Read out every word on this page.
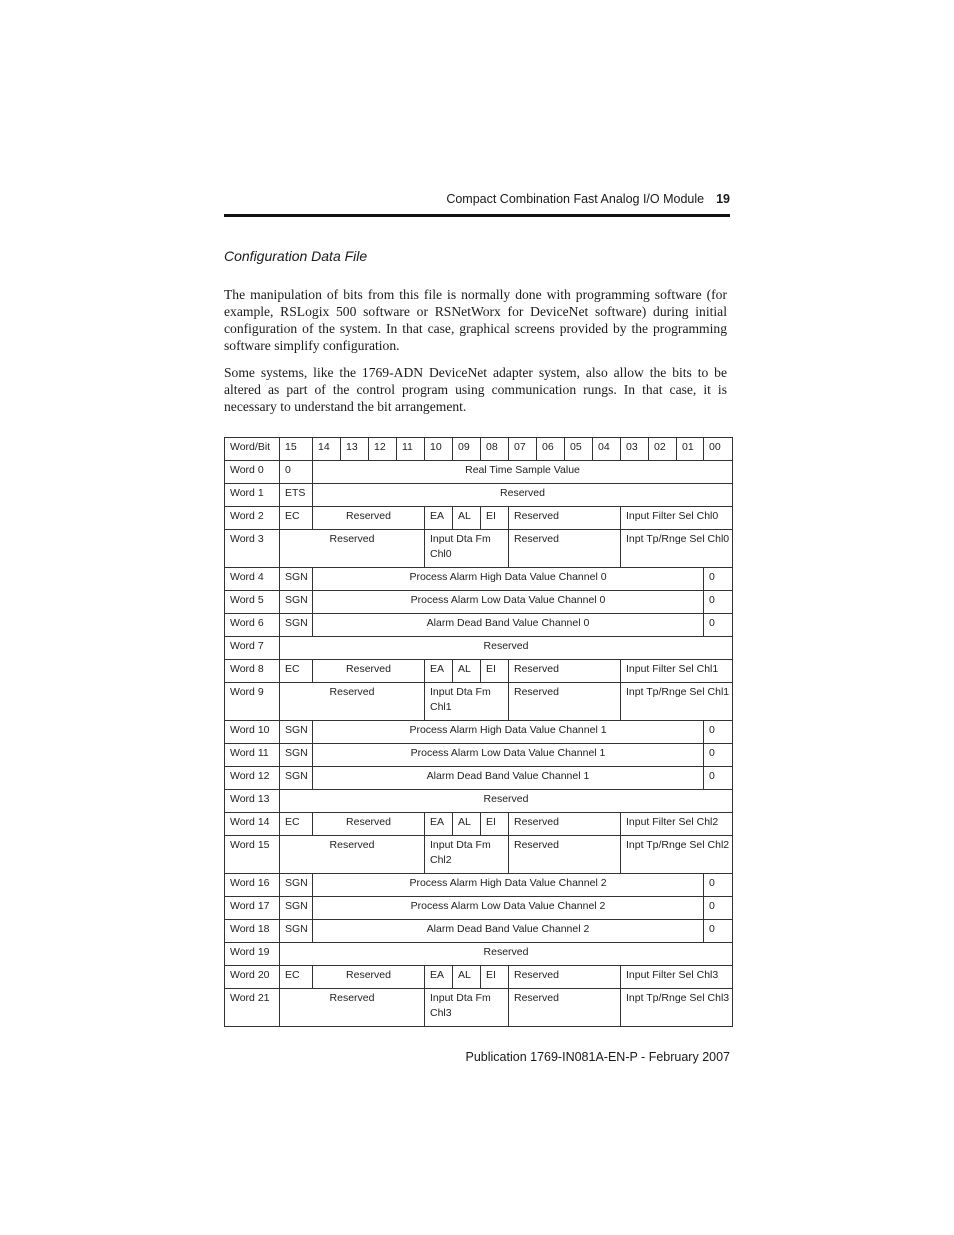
Compact Combination Fast Analog I/O Module 19
Configuration Data File

The manipulation of bits from this file is normally done with programming software (for example, RSLogix 500 software or RSNetWorx for DeviceNet software) during initial configuration of the system. In that case, graphical screens provided by the programming software simplify configuration.

Some systems, like the 1769-ADN DeviceNet adapter system, also allow the bits to be altered as part of the control program using communication rungs. In that case, it is necessary to understand the bit arrangement.

Word/Bit	15	14	13	12	11	10	09	08	07	06	05	04	03	02	01	00
Word 0	0	Real Time Sample Value														
Word 1	ETS	Reserved														
Word 2	EC	Reserved				EA	AL	EI	Reserved				Input Filter Sel Chl0			
Word 3	Reserved					Input Dta Fm Chl0			Reserved				Inpt Tp/Rnge Sel Chl0			
Word 4	SGN	Process Alarm High Data Value Channel 0														0
Word 5	SGN	Process Alarm Low Data Value Channel 0														0
Word 6	SGN	Alarm Dead Band Value Channel 0														0
Word 7	Reserved															
Word 8	EC	Reserved				EA	AL	EI	Reserved				Input Filter Sel Chl1			
Word 9	Reserved					Input Dta Fm Chl1			Reserved				Inpt Tp/Rnge Sel Chl1			
Word 10	SGN	Process Alarm High Data Value Channel 1														0
Word 11	SGN	Process Alarm Low Data Value Channel 1														0
Word 12	SGN	Alarm Dead Band Value Channel 1														0
Word 13	Reserved															
Word 14	EC	Reserved				EA	AL	EI	Reserved				Input Filter Sel Chl2			
Word 15	Reserved					Input Dta Fm Chl2			Reserved				Inpt Tp/Rnge Sel Chl2			
Word 16	SGN	Process Alarm High Data Value Channel 2														0
Word 17	SGN	Process Alarm Low Data Value Channel 2														0
Word 18	SGN	Alarm Dead Band Value Channel 2														0
Word 19	Reserved															
Word 20	EC	Reserved				EA	AL	EI	Reserved				Input Filter Sel Chl3			
Word 21	Reserved					Input Dta Fm Chl3			Reserved				Inpt Tp/Rnge Sel Chl3			
Publication 1769-IN081A-EN-P - February 2007
